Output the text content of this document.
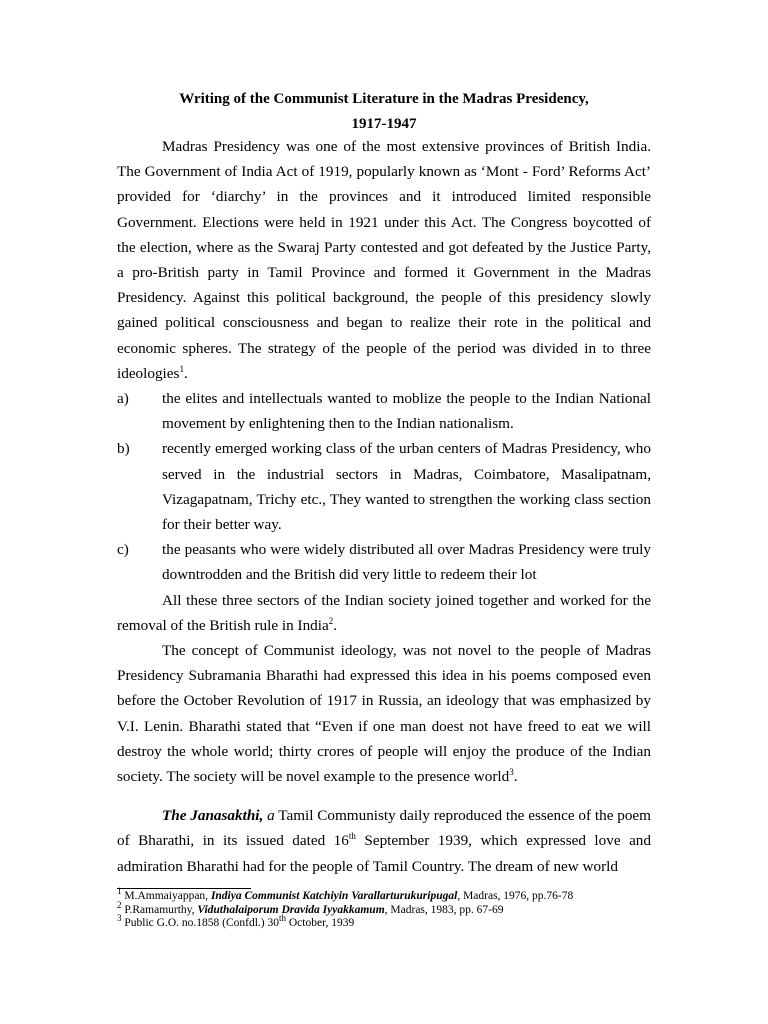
Writing of the Communist Literature in the Madras Presidency,
1917-1947

Madras Presidency was one of the most extensive provinces of British India. The Government of India Act of 1919, popularly known as ‘Mont - Ford’ Reforms Act’ provided for ‘diarchy’ in the provinces and it introduced limited responsible Government. Elections were held in 1921 under this Act. The Congress boycotted of the election, where as the Swaraj Party contested and got defeated by the Justice Party, a pro-British party in Tamil Province and formed it Government in the Madras Presidency. Against this political background, the people of this presidency slowly gained political consciousness and began to realize their rote in the political and economic spheres. The strategy of the people of the period was divided in to three ideologies$^1$.

a) the elites and intellectuals wanted to moblize the people to the Indian National movement by enlightening then to the Indian nationalism.
b) recently emerged working class of the urban centers of Madras Presidency, who served in the industrial sectors in Madras, Coimbatore, Masalipatnam, Vizagapatnam, Trichy etc., They wanted to strengthen the working class section for their better way.
c) the peasants who were widely distributed all over Madras Presidency were truly downtrodden and the British did very little to redeem their lot

All these three sectors of the Indian society joined together and worked for the removal of the British rule in India$^2$.

The concept of Communist ideology, was not novel to the people of Madras Presidency Subramania Bharathi had expressed this idea in his poems composed even before the October Revolution of 1917 in Russia, an ideology that was emphasized by V.I. Lenin. Bharathi stated that “Even if one man doest not have freed to eat we will destroy the whole world; thirty crores of people will enjoy the produce of the Indian society. The society will be novel example to the presence world$^3$.

The Janasakthi, a Tamil Communisty daily reproduced the essence of the poem of Bharathi, in its issued dated 16th September 1939, which expressed love and admiration Bharathi had for the people of Tamil Country. The dream of new world

$^1$ M.Ammaiyappan, Indiya Communist Katchiyin Varallarturukuripugal, Madras, 1976, pp.76-78
$^2$ P.Ramamurthy, Viduthalaiporum Dravida Iyyakkamum, Madras, 1983, pp. 67-69
$^3$ Public G.O. no.1858 (Confdl.) 30th October, 1939
